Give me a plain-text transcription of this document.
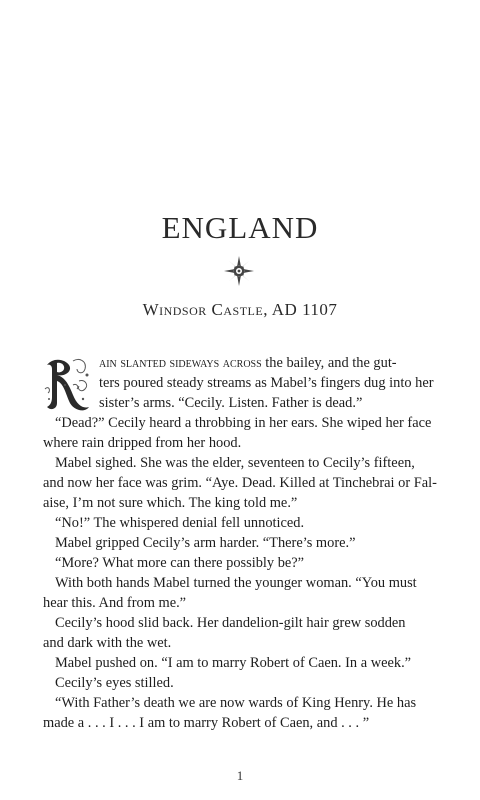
ENGLAND
Windsor Castle, AD 1107
ain slanted sideways across the bailey, and the gut-
ters poured steady streams as Mabel’s fingers dug into her
sister’s arms. “Cecily. Listen. Father is dead.”
“Dead?” Cecily heard a throbbing in her ears. She wiped her face
where rain dripped from her hood.
Mabel sighed. She was the elder, seventeen to Cecily’s fifteen,
and now her face was grim. “Aye. Dead. Killed at Tinchebrai or Fal-
aise, I’m not sure which. The king told me.”
“No!” The whispered denial fell unnoticed.
Mabel gripped Cecily’s arm harder. “There’s more.”
“More? What more can there possibly be?”
With both hands Mabel turned the younger woman. “You must
hear this. And from me.”
Cecily’s hood slid back. Her dandelion-gilt hair grew sodden
and dark with the wet.
Mabel pushed on. “I am to marry Robert of Caen. In a week.”
Cecily’s eyes stilled.
“With Father’s death we are now wards of King Henry. He has
made a . . . I . . . I am to marry Robert of Caen, and . . . ”
1
